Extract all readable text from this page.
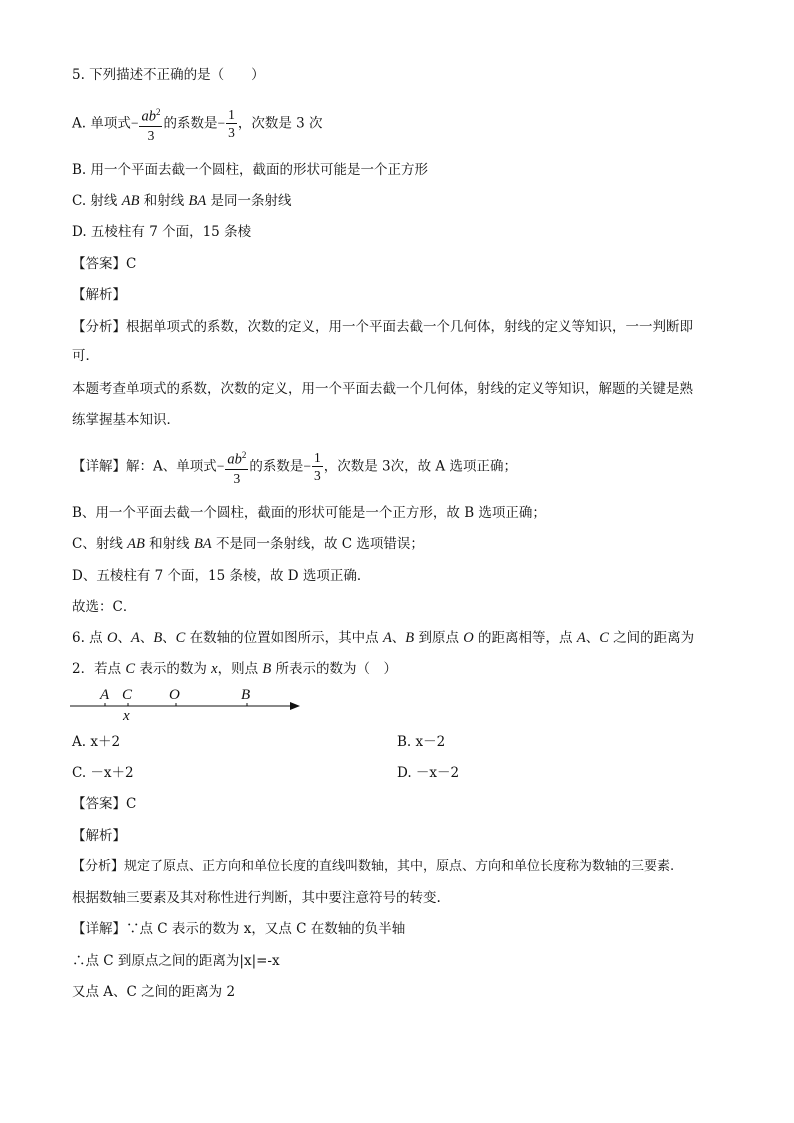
5. 下列描述不正确的是（　　）
A. 单项式− $\frac{ab^2}{3}$ 的系数是− $\frac{1}{3}$ ，次数是 3 次
B. 用一个平面去截一个圆柱，截面的形状可能是一个正方形
C. 射线 AB 和射线 BA 是同一条射线
D. 五棱柱有 7 个面，15 条棱
【答案】C
【解析】
【分析】根据单项式的系数，次数的定义，用一个平面去截一个几何体，射线的定义等知识，一一判断即
可．
本题考查单项式的系数，次数的定义，用一个平面去截一个几何体，射线的定义等知识，解题的关键是熟
练掌握基本知识．
【详解】解：A、单项式− $\frac{ab^2}{3}$ 的系数是− $\frac{1}{3}$ ，次数是 3次，故 A 选项正确；
B、用一个平面去截一个圆柱，截面的形状可能是一个正方形，故 B 选项正确；
C、射线 AB 和射线 BA 不是同一条射线，故 C 选项错误；
D、五棱柱有 7 个面，15 条棱，故 D 选项正确．
故选：C．
6. 点 O、A、B、C 在数轴的位置如图所示，其中点 A、B 到原点 O 的距离相等，点 A、C 之间的距离为
2．若点 C 表示的数为 x，则点 B 所表示的数为（　）
A C O	B
x
A. x＋2	B. x－2
C. －x＋2	D. －x－2
【答案】C
【解析】
【分析】规定了原点、正方向和单位长度的直线叫数轴，其中，原点、方向和单位长度称为数轴的三要素.
根据数轴三要素及其对称性进行判断，其中要注意符号的转变.
【详解】∵点 C 表示的数为 x，又点 C 在数轴的负半轴
∴点 C 到原点之间的距离为|x|=-x
又点 A、C 之间的距离为 2
